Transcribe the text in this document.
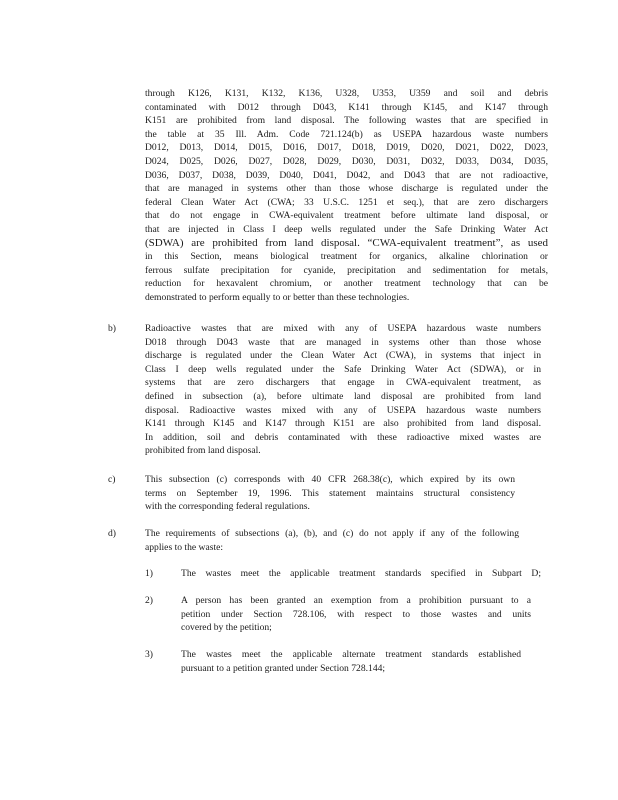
through K126, K131, K132, K136, U328, U353, U359 and soil and debris
contaminated with D012 through D043, K141 through K145, and K147 through
K151 are prohibited from land disposal. The following wastes that are specified in
the table at 35 Ill. Adm. Code 721.124(b) as USEPA hazardous waste numbers
D012, D013, D014, D015, D016, D017, D018, D019, D020, D021, D022, D023,
D024, D025, D026, D027, D028, D029, D030, D031, D032, D033, D034, D035,
D036, D037, D038, D039, D040, D041, D042, and D043 that are not radioactive,
that are managed in systems other than those whose discharge is regulated under the
federal Clean Water Act (CWA; 33 U.S.C. 1251 et seq.), that are zero dischargers
that do not engage in CWA-equivalent treatment before ultimate land disposal, or
that are injected in Class I deep wells regulated under the Safe Drinking Water Act
(SDWA) are prohibited from land disposal. “CWA-equivalent treatment”, as used
in this Section, means biological treatment for organics, alkaline chlorination or
ferrous sulfate precipitation for cyanide, precipitation and sedimentation for metals,
reduction for hexavalent chromium, or another treatment technology that can be
demonstrated to perform equally to or better than these technologies.
b)	Radioactive wastes that are mixed with any of USEPA hazardous waste numbers
D018 through D043 waste that are managed in systems other than those whose
discharge is regulated under the Clean Water Act (CWA), in systems that inject in
Class I deep wells regulated under the Safe Drinking Water Act (SDWA), or in
systems that are zero dischargers that engage in CWA-equivalent treatment, as
defined in subsection (a), before ultimate land disposal are prohibited from land
disposal. Radioactive wastes mixed with any of USEPA hazardous waste numbers
K141 through K145 and K147 through K151 are also prohibited from land disposal.
In addition, soil and debris contaminated with these radioactive mixed wastes are
prohibited from land disposal.
c)	This subsection (c) corresponds with 40 CFR 268.38(c), which expired by its own
terms on September 19, 1996. This statement maintains structural consistency
with the corresponding federal regulations.
d)	The requirements of subsections (a), (b), and (c) do not apply if any of the following
applies to the waste:
1)	The wastes meet the applicable treatment standards specified in Subpart D;
2)	A person has been granted an exemption from a prohibition pursuant to a
petition under Section 728.106, with respect to those wastes and units
covered by the petition;
3)	The wastes meet the applicable alternate treatment standards established
pursuant to a petition granted under Section 728.144;
